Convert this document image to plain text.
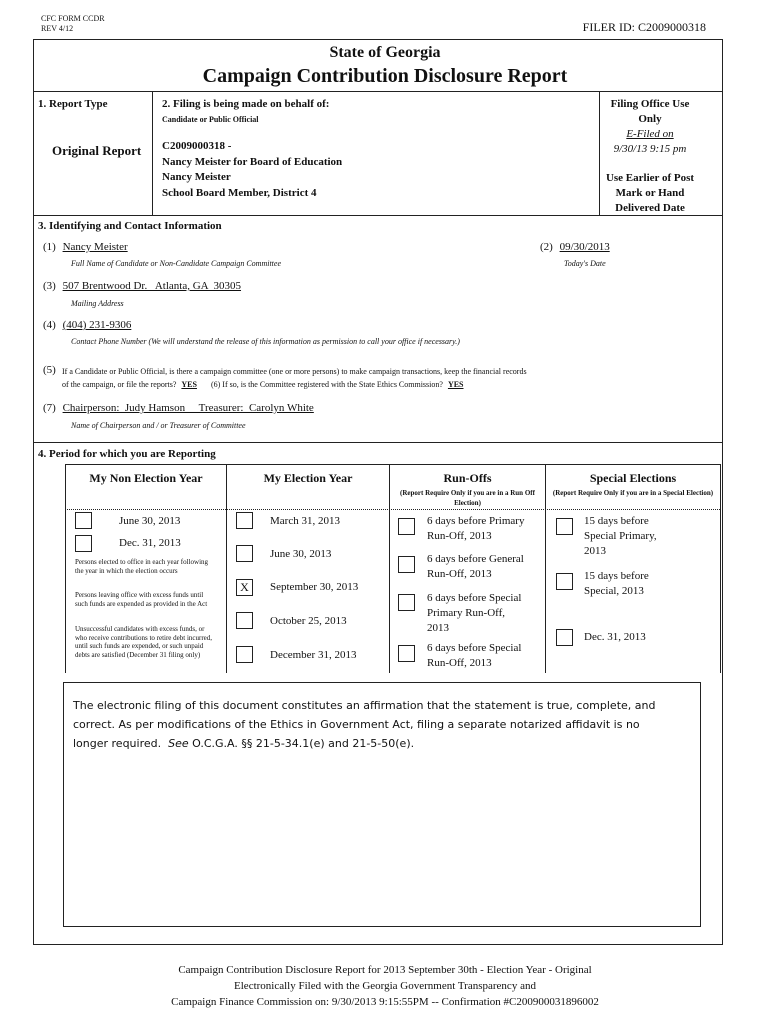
CFC FORM CCDR
REV 4/12	FILER ID: C2009000318
State of Georgia
Campaign Contribution Disclosure Report
1. Report Type
Original Report
2. Filing is being made on behalf of:
Candidate or Public Official
C2009000318 -
Nancy Meister for Board of Education
Nancy Meister
School Board Member, District 4
Filing Office Use
Only
E-Filed on
9/30/13 9:15 pm
Use Earlier of Post
Mark or Hand
Delivered Date
3. Identifying and Contact Information
(1) Nancy Meister
Full Name of Candidate or Non-Candidate Campaign Committee
(2) 09/30/2013
Today's Date
(3) 507 Brentwood Dr.   Atlanta, GA  30305
Mailing Address
(4) (404) 231-9306
Contact Phone Number (We will understand the release of this information as permission to call your office if necessary.)
(5) If a Candidate or Public Official, is there a campaign committee (one or more persons) to make campaign transactions, keep the financial records
of the campaign, or file the reports? YES (6) If so, is the Committee registered with the State Ethics Commission? YES
(7) Chairperson:  Judy Hamson     Treasurer:  Carolyn White
Name of Chairperson and / or Treasurer of Committee
4. Period for which you are Reporting
My Non Election Year	My Election Year	Run-Offs
(Report Require Only if you are in a Run Off Election)
Special Elections
(Report Require Only if you are in a Special Election)
June 30, 2013
Dec. 31, 2013
Persons elected to office in each year following the year in which the election occurs
Persons leaving office with excess funds until such funds are expended as provided in the Act
Unsuccessful candidates with excess funds, or who receive contributions to retire debt incurred, until such funds are expended, or such unpaid debts are satisfied (December 31 filing only)
March 31, 2013
June 30, 2013
X	September 30, 2013
October 25, 2013
December 31, 2013
6 days before Primary
Run-Off, 2013
6 days before General
Run-Off, 2013
6 days before Special
Primary Run-Off,
2013
6 days before Special
Run-Off, 2013
15 days before
Special Primary,
2013
15 days before
Special, 2013
Dec. 31, 2013
The electronic filing of this document constitutes an affirmation that the statement is true, complete, and
correct. As per modifications of the Ethics in Government Act, filing a separate notarized affidavit is no
longer required.  See O.C.G.A. §§ 21-5-34.1(e) and 21-5-50(e).
Campaign Contribution Disclosure Report for 2013 September 30th - Election Year - Original
Electronically Filed with the Georgia Government Transparency and
Campaign Finance Commission on: 9/30/2013 9:15:55PM -- Confirmation #C200900031896002
